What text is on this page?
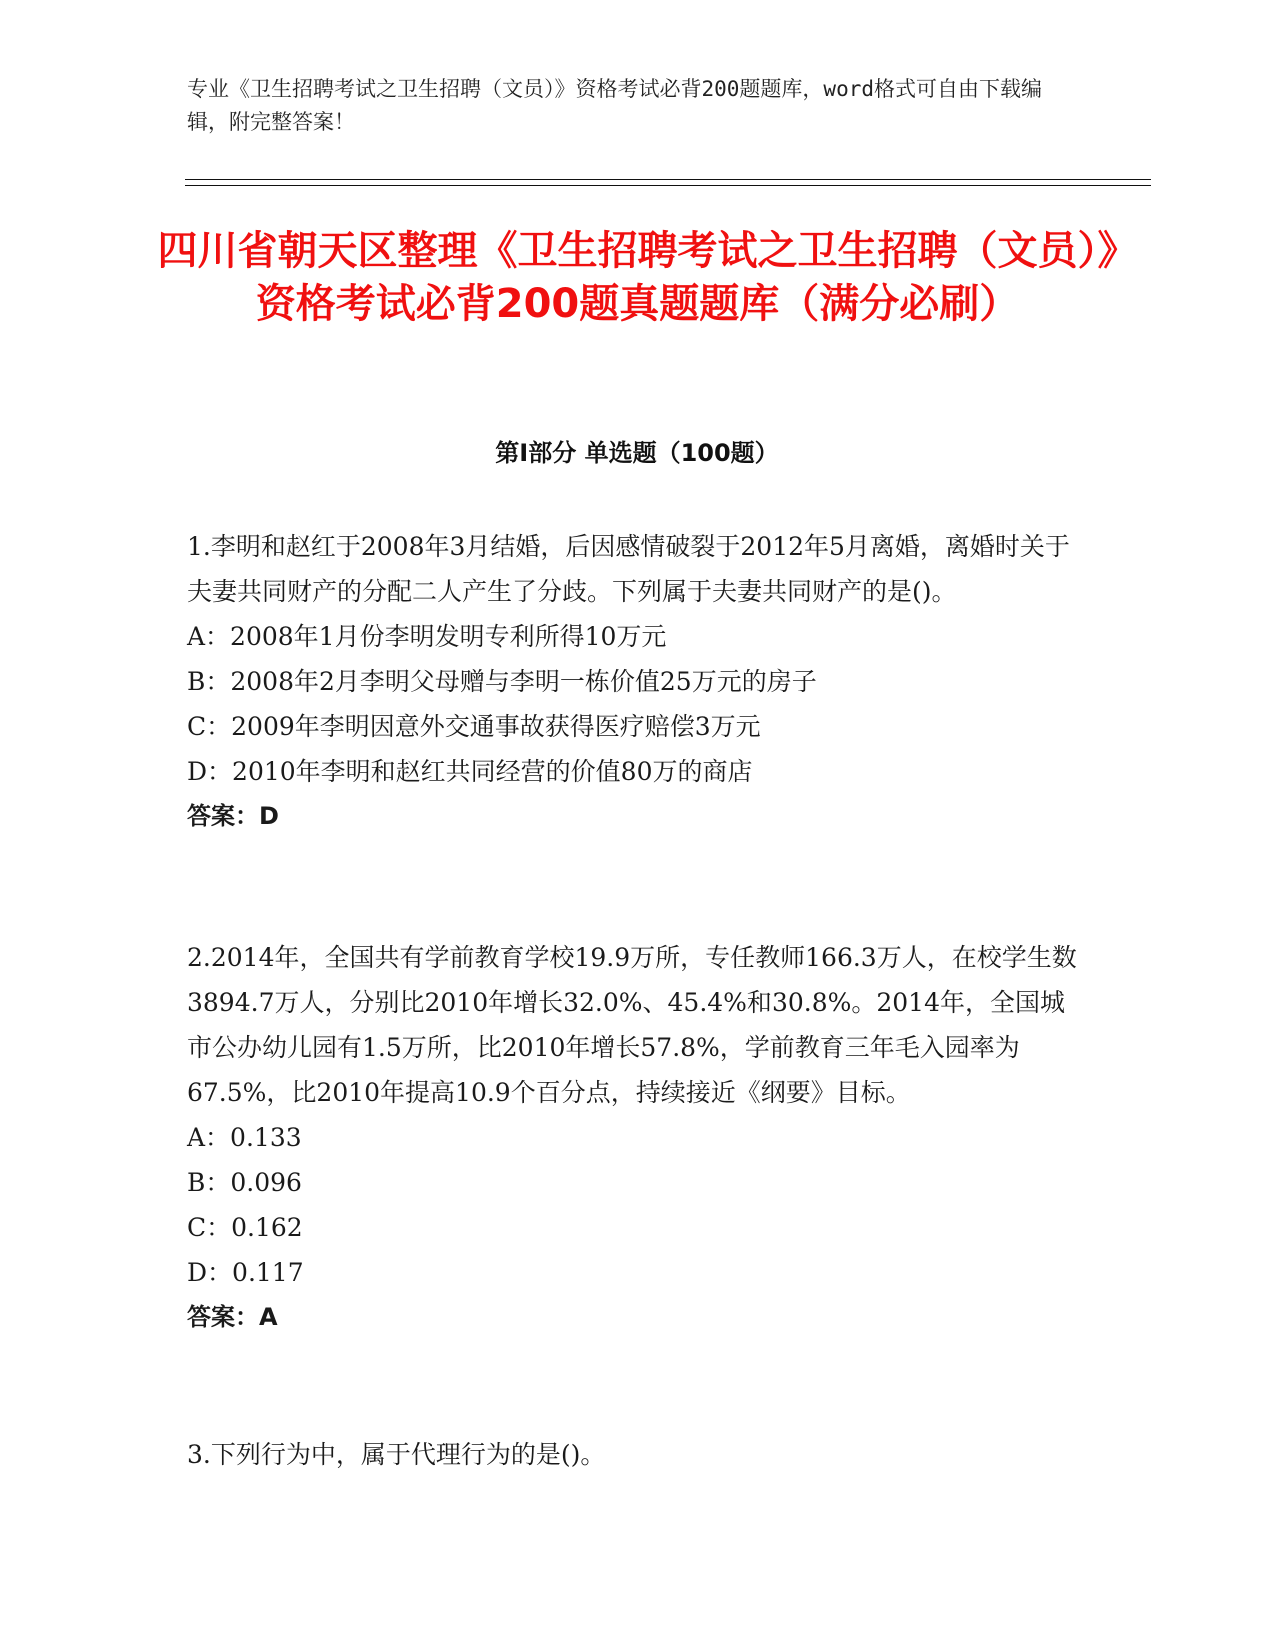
专业《卫生招聘考试之卫生招聘（文员）》资格考试必背200题题库，word格式可自由下载编辑，附完整答案！
四川省朝天区整理《卫生招聘考试之卫生招聘（文员）》资格考试必背200题真题题库（满分必刷）
第Ⅰ部分 单选题（100题）
1.李明和赵红于2008年3月结婚，后因感情破裂于2012年5月离婚，离婚时关于夫妻共同财产的分配二人产生了分歧。下列属于夫妻共同财产的是()。
A：2008年1月份李明发明专利所得10万元
B：2008年2月李明父母赠与李明一栋价值25万元的房子
C：2009年李明因意外交通事故获得医疗赔偿3万元
D：2010年李明和赵红共同经营的价值80万的商店
答案：D
2.2014年，全国共有学前教育学校19.9万所，专任教师166.3万人，在校学生数3894.7万人，分别比2010年增长32.0%、45.4%和30.8%。2014年，全国城市公办幼儿园有1.5万所，比2010年增长57.8%，学前教育三年毛入园率为67.5%，比2010年提高10.9个百分点，持续接近《纲要》目标。
A：0.133
B：0.096
C：0.162
D：0.117
答案：A
3.下列行为中，属于代理行为的是()。
